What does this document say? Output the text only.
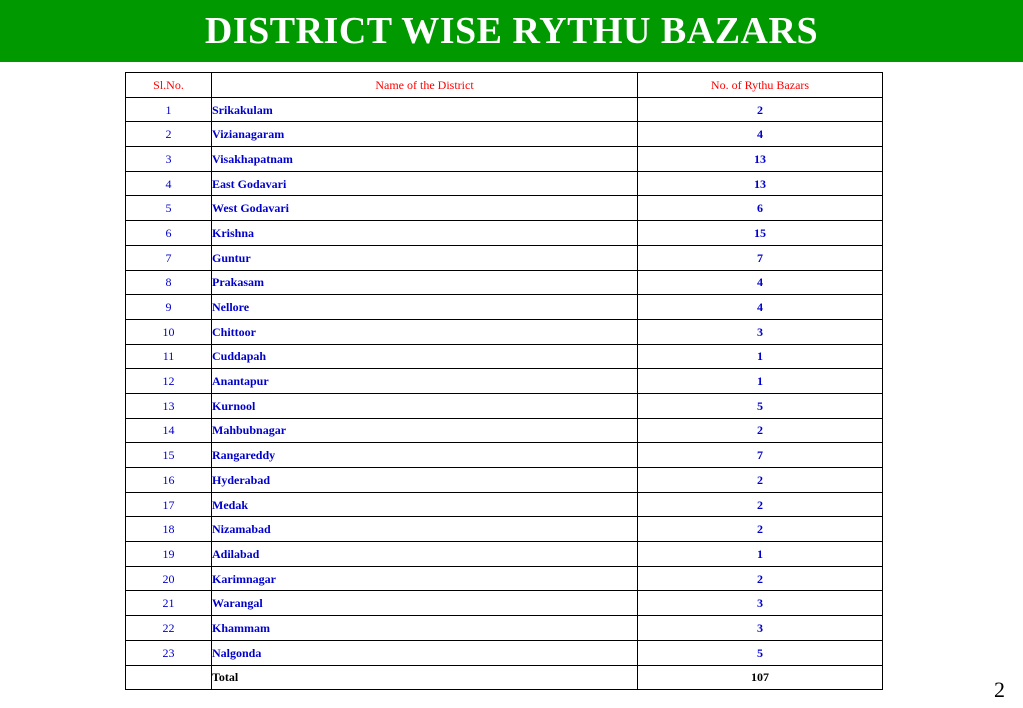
DISTRICT WISE RYTHU BAZARS
Sl.No.	Name of the District	No. of Rythu Bazars
1	Srikakulam	2
2	Vizianagaram	4
3	Visakhapatnam	13
4	East Godavari	13
5	West Godavari	6
6	Krishna	15
7	Guntur	7
8	Prakasam	4
9	Nellore	4
10	Chittoor	3
11	Cuddapah	1
12	Anantapur	1
13	Kurnool	5
14	Mahbubnagar	2
15	Rangareddy	7
16	Hyderabad	2
17	Medak	2
18	Nizamabad	2
19	Adilabad	1
20	Karimnagar	2
21	Warangal	3
22	Khammam	3
23	Nalgonda	5
	Total	107	2
